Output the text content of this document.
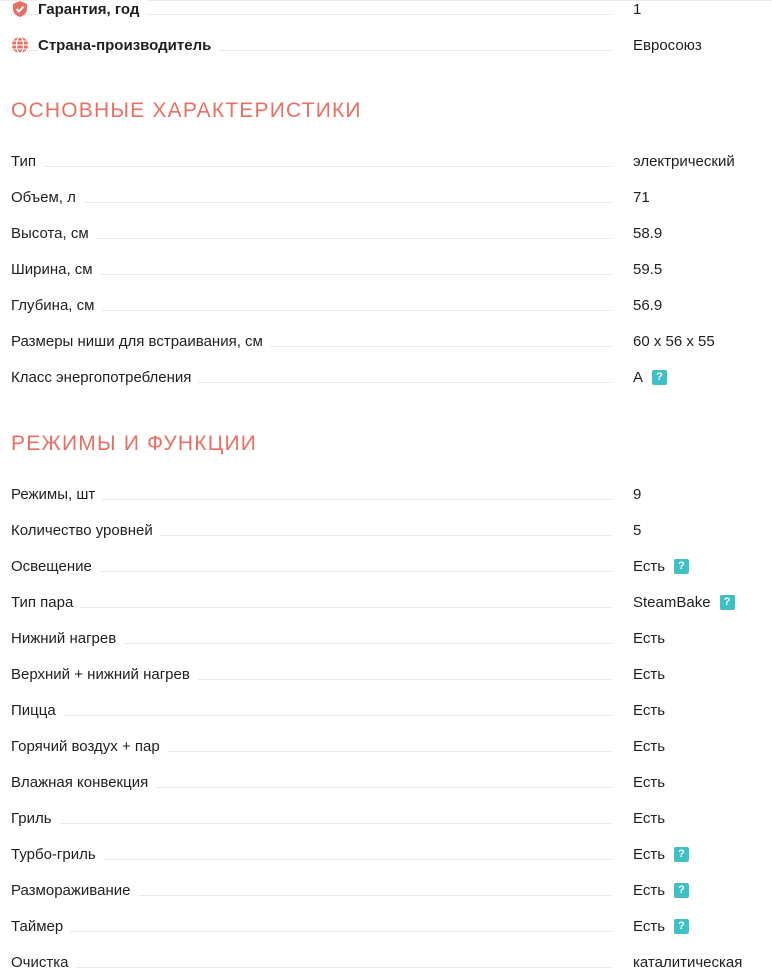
Гарантия, год	1
Страна-производитель	Евросоюз
ОСНОВНЫЕ ХАРАКТЕРИСТИКИ
Тип	электрический
Объем, л	71
Высота, см	58.9
Ширина, см	59.5
Глубина, см	56.9
Размеры ниши для встраивания, см	60 x 56 x 55
Класс энергопотребления	A	?
РЕЖИМЫ И ФУНКЦИИ
Режимы, шт	9
Количество уровней	5
Освещение	Есть	?
Тип пара	SteamBake	?
Нижний нагрев	Есть
Верхний + нижний нагрев	Есть
Пицца	Есть
Горячий воздух + пар	Есть
Влажная конвекция	Есть
Гриль	Есть
Турбо-гриль	Есть	?
Размораживание	Есть	?
Таймер	Есть	?
Очистка	каталитическая
